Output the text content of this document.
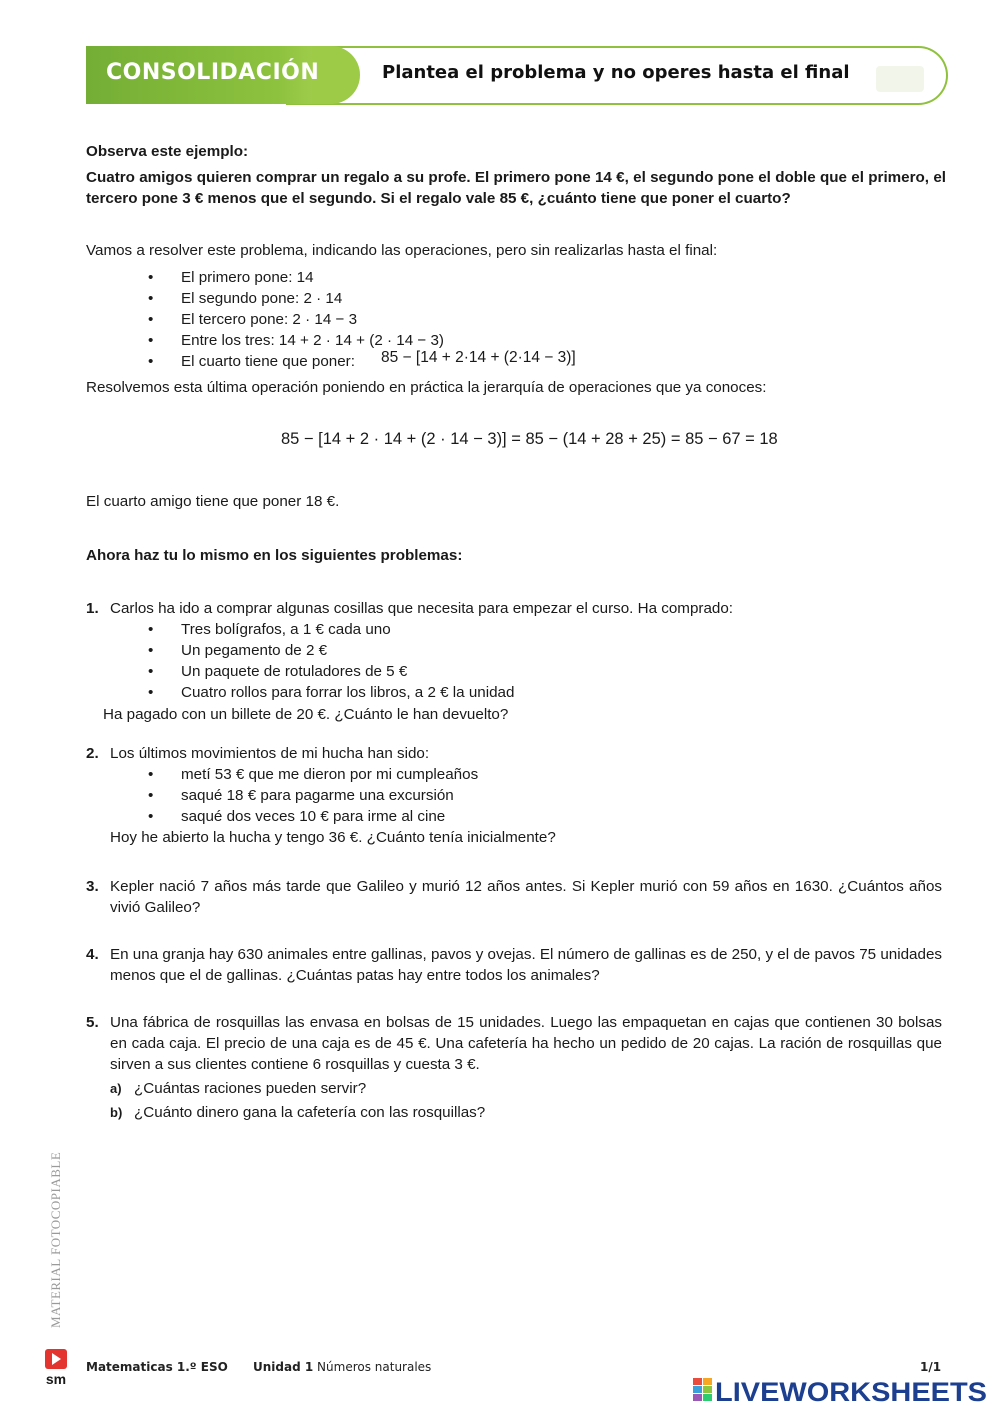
CONSOLIDACIÓN	Plantea el problema y no operes hasta el final
Observa este ejemplo:
Cuatro amigos quieren comprar un regalo a su profe. El primero pone 14 €, el segundo pone el doble que el primero, el tercero pone 3 € menos que el segundo. Si el regalo vale 85 €, ¿cuánto tiene que poner el cuarto?
Vamos a resolver este problema, indicando las operaciones, pero sin realizarlas hasta el final:
• El primero pone: 14
• El segundo pone: 2 · 14
• El tercero pone: 2 · 14 − 3
• Entre los tres: 14 + 2 · 14 + (2 · 14 − 3)
• El cuarto tiene que poner:	85 − [14 + 2·14 + (2·14 − 3)]
Resolvemos esta última operación poniendo en práctica la jerarquía de operaciones que ya conoces:
85 − [14 + 2 · 14 + (2 · 14 − 3)] = 85 − (14 + 28 + 25) = 85 − 67 = 18
El cuarto amigo tiene que poner 18 €.
Ahora haz tu lo mismo en los siguientes problemas:
1. Carlos ha ido a comprar algunas cosillas que necesita para empezar el curso. Ha comprado:
• Tres bolígrafos, a 1 € cada uno
• Un pegamento de 2 €
• Un paquete de rotuladores de 5 €
• Cuatro rollos para forrar los libros, a 2 € la unidad
Ha pagado con un billete de 20 €. ¿Cuánto le han devuelto?
2. Los últimos movimientos de mi hucha han sido:
• metí 53 € que me dieron por mi cumpleaños
• saqué 18 € para pagarme una excursión
• saqué dos veces 10 € para irme al cine
Hoy he abierto la hucha y tengo 36 €. ¿Cuánto tenía inicialmente?
3. Kepler nació 7 años más tarde que Galileo y murió 12 años antes. Si Kepler murió con 59 años en 1630. ¿Cuántos años vivió Galileo?
4. En una granja hay 630 animales entre gallinas, pavos y ovejas. El número de gallinas es de 250, y el de pavos 75 unidades menos que el de gallinas. ¿Cuántas patas hay entre todos los animales?
5. Una fábrica de rosquillas las envasa en bolsas de 15 unidades. Luego las empaquetan en cajas que contienen 30 bolsas en cada caja. El precio de una caja es de 45 €. Una cafetería ha hecho un pedido de 20 cajas. La ración de rosquillas que sirven a sus clientes contiene 6 rosquillas y cuesta 3 €.
a) ¿Cuántas raciones pueden servir?
b) ¿Cuánto dinero gana la cafetería con las rosquillas?
MATERIAL FOTOCOPIABLE
sm
Matematicas 1.º ESO Unidad 1 Números naturales	1/1
LIVEWORKSHEETS
